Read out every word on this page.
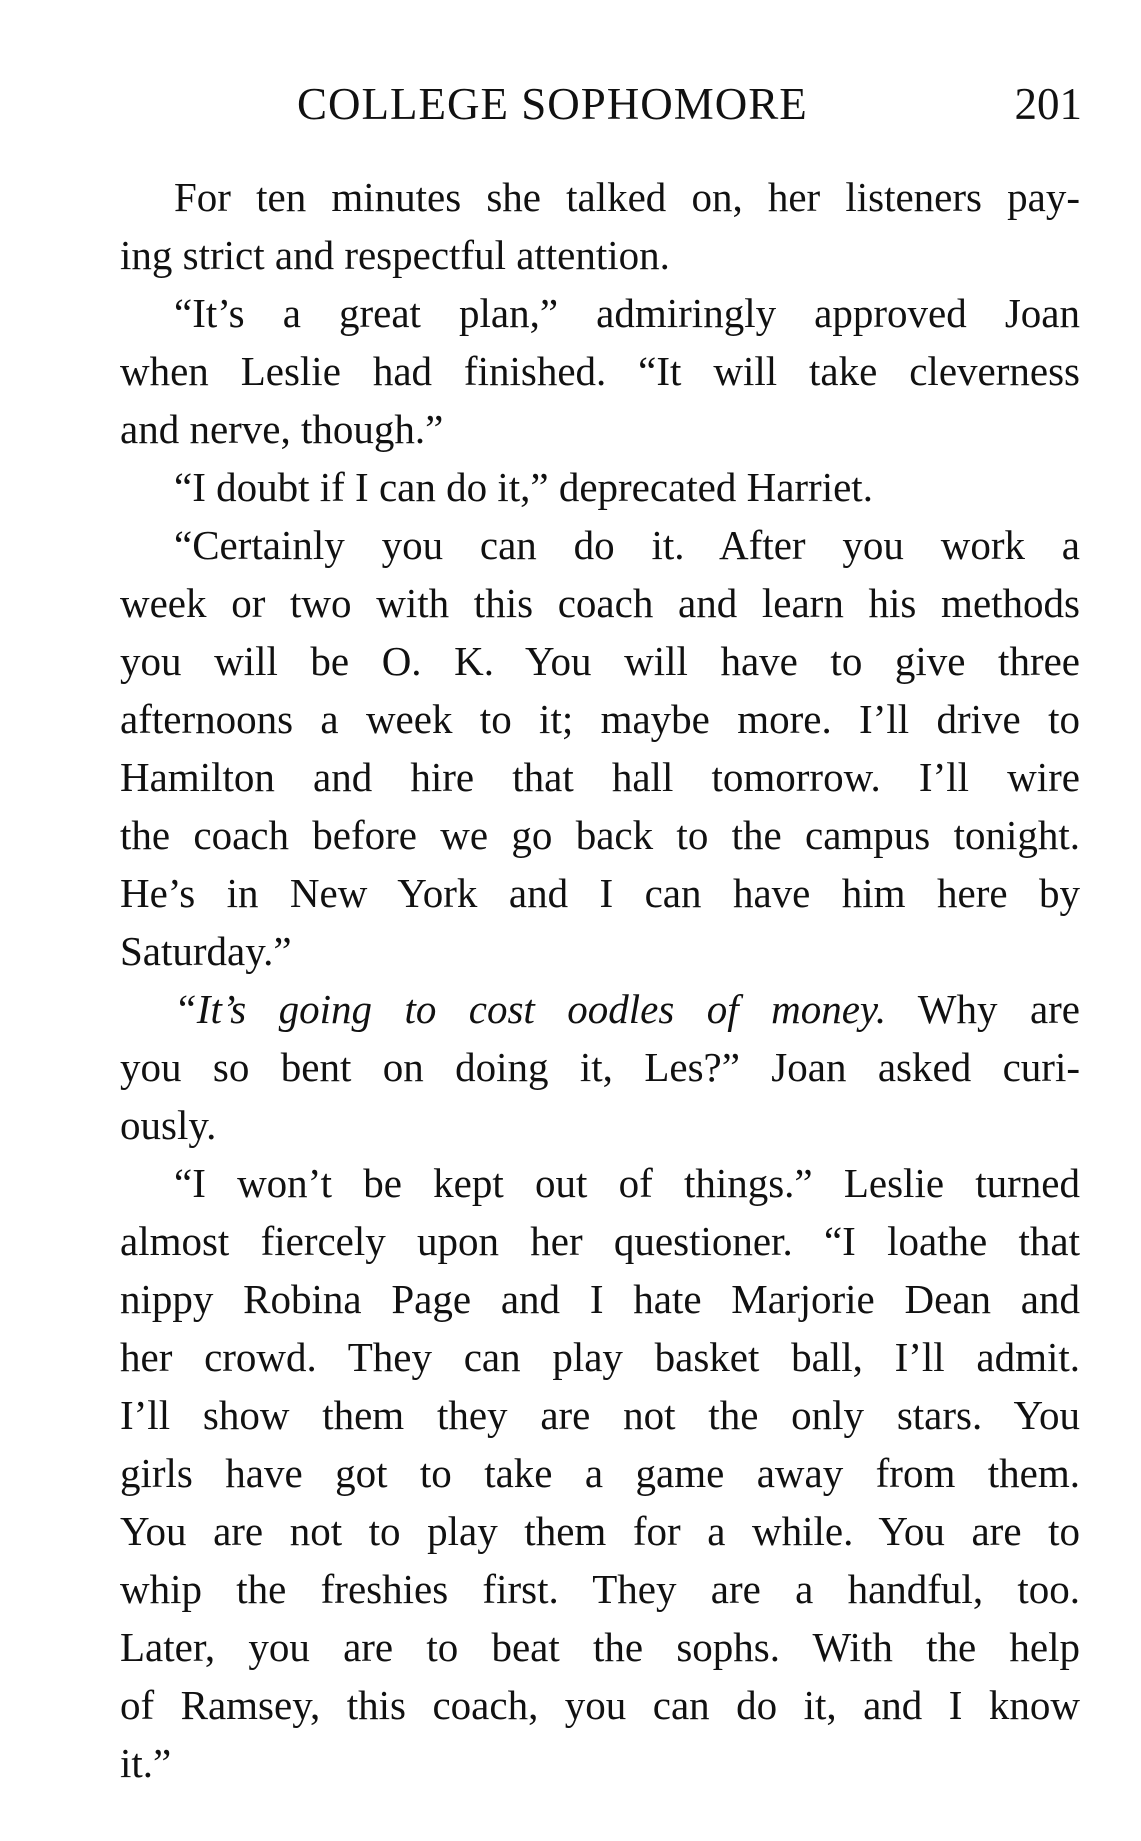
COLLEGE SOPHOMORE	201
For ten minutes she talked on, her listeners pay-
ing strict and respectful attention.
“It’s a great plan,” admiringly approved Joan
when Leslie had finished. “It will take cleverness
and nerve, though.”
“I doubt if I can do it,” deprecated Harriet.
“Certainly you can do it. After you work a
week or two with this coach and learn his methods
you will be O. K. You will have to give three
afternoons a week to it; maybe more. I’ll drive to
Hamilton and hire that hall tomorrow. I’ll wire
the coach before we go back to the campus tonight.
He’s in New York and I can have him here by
Saturday.”
“It’s going to cost oodles of money. Why are
you so bent on doing it, Les?” Joan asked curi-
ously.
“I won’t be kept out of things.” Leslie turned
almost fiercely upon her questioner. “I loathe that
nippy Robina Page and I hate Marjorie Dean and
her crowd. They can play basket ball, I’ll admit.
I’ll show them they are not the only stars. You
girls have got to take a game away from them.
You are not to play them for a while. You are to
whip the freshies first. They are a handful, too.
Later, you are to beat the sophs. With the help
of Ramsey, this coach, you can do it, and I know
it.”
